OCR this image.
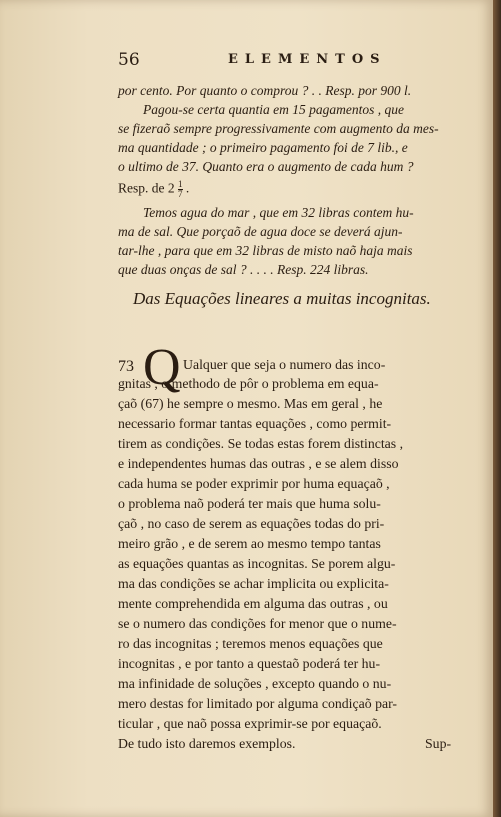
56	ELEMENTOS
por cento. Por quanto o comprou ? . . Resp. por 900 l.
Pagou-se certa quantia em 15 pagamentos , que
se fizeraõ sempre progressivamente com augmento da mes-
ma quantidade ; o primeiro pagamento foi de 7 lib., e
o ultimo de 37. Quanto era o augmento de cada hum ?
Resp. de $2 \frac{1}{7}$ .
Temos agua do mar , que em 32 libras contem hu-
ma de sal. Que porçaõ de agua doce se deverá ajun-
tar-lhe , para que em 32 libras de misto naõ haja mais
que duas onças de sal ? . . . . Resp. 224 libras.
Das Equações lineares a muitas incognitas.
73 Q Ualquer que seja o numero das inco-
gnitas , o methodo de pôr o problema em equa-
çaõ (67) he sempre o mesmo. Mas em geral , he
necessario formar tantas equações , como permit-
tirem as condições. Se todas estas forem distinctas ,
e independentes humas das outras , e se alem disso
cada huma se poder exprimir por huma equaçaõ ,
o problema naõ poderá ter mais que huma solu-
çaõ , no caso de serem as equações todas do pri-
meiro grão , e de serem ao mesmo tempo tantas
as equações quantas as incognitas. Se porem algu-
ma das condições se achar implicita ou explicita-
mente comprehendida em alguma das outras , ou
se o numero das condições for menor que o nume-
ro das incognitas ; teremos menos equações que
incognitas , e por tanto a questaõ poderá ter hu-
ma infinidade de soluções , excepto quando o nu-
mero destas for limitado por alguma condiçaõ par-
ticular , que naõ possa exprimir-se por equaçaõ.
De tudo isto daremos exemplos.	Sup-
